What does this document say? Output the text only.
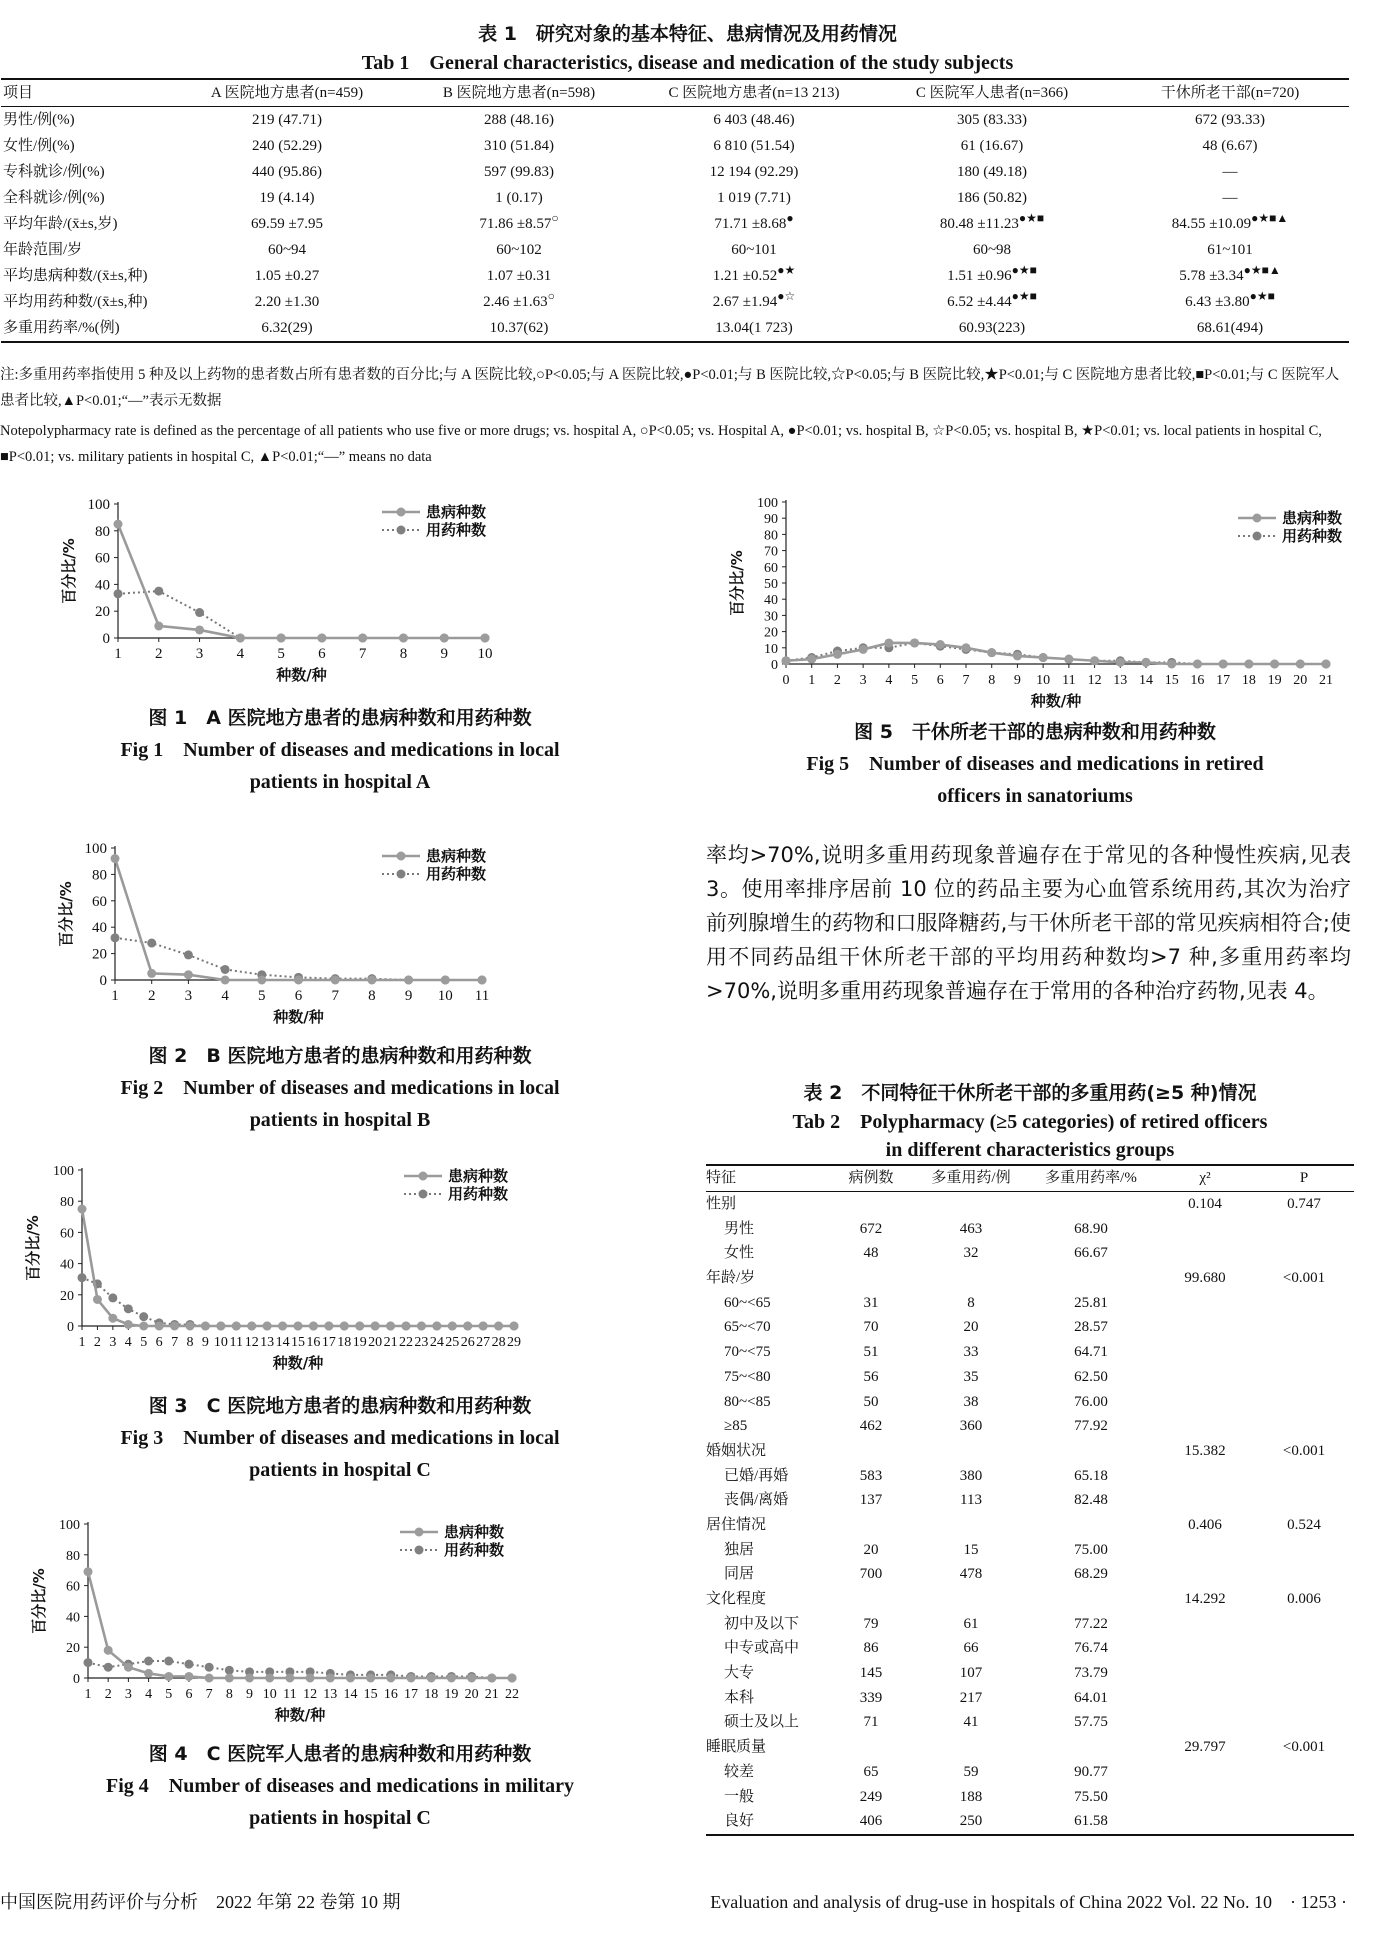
表 1　研究对象的基本特征、患病情况及用药情况
Tab 1　General characteristics, disease and medication of the study subjects
项目	A 医院地方患者(n=459)	B 医院地方患者(n=598)	C 医院地方患者(n=13 213)	C 医院军人患者(n=366)	干休所老干部(n=720)
男性/例(%)	219 (47.71)	288 (48.16)	6 403 (48.46)	305 (83.33)	672 (93.33)
女性/例(%)	240 (52.29)	310 (51.84)	6 810 (51.54)	61 (16.67)	48 (6.67)
专科就诊/例(%)	440 (95.86)	597 (99.83)	12 194 (92.29)	180 (49.18)	—
全科就诊/例(%)	19 (4.14)	1 (0.17)	1 019 (7.71)	186 (50.82)	—
平均年龄/(x̄±s,岁)	69.59 ±7.95	71.86 ±8.57○	71.71 ±8.68●	80.48 ±11.23●★■	84.55 ±10.09●★■▲
年龄范围/岁	60~94	60~102	60~101	60~98	61~101
平均患病种数/(x̄±s,种)	1.05 ±0.27	1.07 ±0.31	1.21 ±0.52●★	1.51 ±0.96●★■	5.78 ±3.34●★■▲
平均用药种数/(x̄±s,种)	2.20 ±1.30	2.46 ±1.63○	2.67 ±1.94●☆	6.52 ±4.44●★■	6.43 ±3.80●★■
多重用药率/%(例)	6.32(29)	10.37(62)	13.04(1 723)	60.93(223)	68.61(494)
注:多重用药率指使用 5 种及以上药物的患者数占所有患者数的百分比;与 A 医院比较,○P<0.05;与 A 医院比较,●P<0.01;与 B 医院比较,☆P<0.05;与 B 医院比较,★P<0.01;与 C 医院地方患者比较,■P<0.01;与 C 医院军人患者比较,▲P<0.01;“—”表示无数据
Notepolypharmacy rate is defined as the percentage of all patients who use five or more drugs; vs. hospital A, ○P<0.05; vs. Hospital A, ●P<0.01; vs. hospital B, ☆P<0.05; vs. hospital B, ★P<0.01; vs. local patients in hospital C, ■P<0.01; vs. military patients in hospital C, ▲P<0.01;“—” means no data
0
20
40
60
80
100
1 2 3 4 5 6 7 8 9 10
种数/种
百分比/%
患病种数
用药种数
图 1　A 医院地方患者的患病种数和用药种数
Fig 1　Number of diseases and medications in local
patients in hospital A
0
20
40
60
80
100
1 2 3 4 5 6 7 8 9 10 11
种数/种
百分比/%
患病种数
用药种数
图 2　B 医院地方患者的患病种数和用药种数
Fig 2　Number of diseases and medications in local
patients in hospital B
0
20
40
60
80
100
1 2 3 4 5 6 7 8 9 10 11 12 13 14 15 16 17 18 19 20 21 22 23 24 25 26 27 28 29
种数/种
百分比/%
患病种数
用药种数
图 3　C 医院地方患者的患病种数和用药种数
Fig 3　Number of diseases and medications in local
patients in hospital C
0
20
40
60
80
100
1 2 3 4 5 6 7 8 9 10 11 12 13 14 15 16 17 18 19 20 21 22
种数/种
百分比/%
患病种数
用药种数
图 4　C 医院军人患者的患病种数和用药种数
Fig 4　Number of diseases and medications in military
patients in hospital C
0
10
20
30
40
50
60
70
80
90
100
0 1 2 3 4 5 6 7 8 9 10 11 12 13 14 15 16 17 18 19 20 21
种数/种
百分比/%
患病种数
用药种数
图 5　干休所老干部的患病种数和用药种数
Fig 5　Number of diseases and medications in retired
officers in sanatoriums
率均>70%,说明多重用药现象普遍存在于常见的各种慢性疾病,见表 3。使用率排序居前 10 位的药品主要为心血管系统用药,其次为治疗前列腺增生的药物和口服降糖药,与干休所老干部的常见疾病相符合;使用不同药品组干休所老干部的平均用药种数均>7 种,多重用药率均>70%,说明多重用药现象普遍存在于常用的各种治疗药物,见表 4。
表 2　不同特征干休所老干部的多重用药(≥5 种)情况
Tab 2　Polypharmacy (≥5 categories) of retired officers
in different characteristics groups
特征	病例数	多重用药/例	多重用药率/%	χ²	P
性别				0.104	0.747
男性	672	463	68.90		
女性	48	32	66.67		
年龄/岁				99.680	<0.001
60~<65	31	8	25.81		
65~<70	70	20	28.57		
70~<75	51	33	64.71		
75~<80	56	35	62.50		
80~<85	50	38	76.00		
≥85	462	360	77.92		
婚姻状况				15.382	<0.001
已婚/再婚	583	380	65.18		
丧偶/离婚	137	113	82.48		
居住情况				0.406	0.524
独居	20	15	75.00		
同居	700	478	68.29		
文化程度				14.292	0.006
初中及以下	79	61	77.22		
中专或高中	86	66	76.74		
大专	145	107	73.79		
本科	339	217	64.01		
硕士及以上	71	41	57.75		
睡眠质量				29.797	<0.001
较差	65	59	90.77		
一般	249	188	75.50		
良好	406	250	61.58		
中国医院用药评价与分析　2022 年第 22 卷第 10 期	Evaluation and analysis of drug-use in hospitals of China 2022 Vol. 22 No. 10　· 1253 ·
